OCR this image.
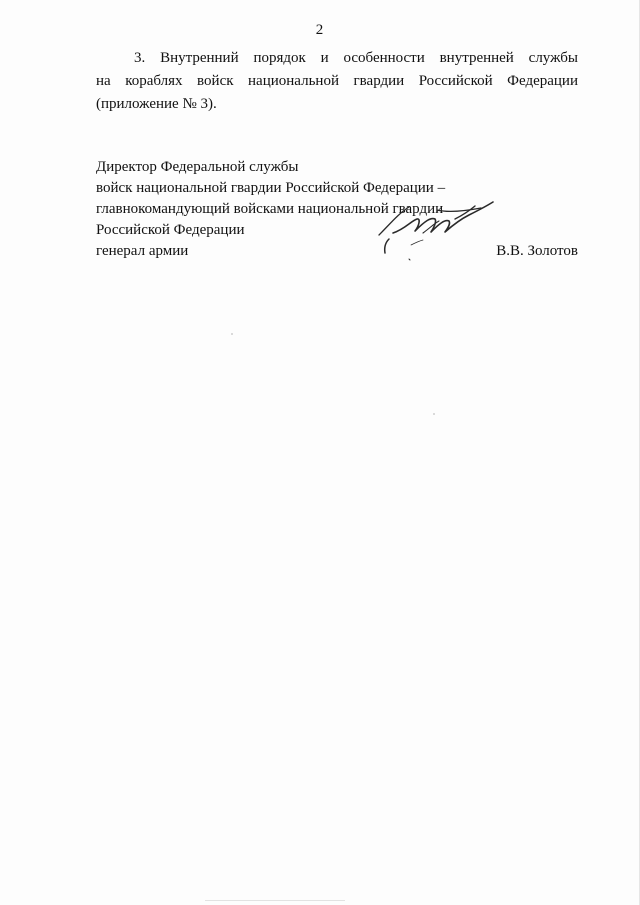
2
3. Внутренний порядок и особенности внутренней службы
на кораблях войск национальной гвардии Российской Федерации
(приложение № 3).
Директор Федеральной службы
войск национальной гвардии Российской Федерации –
главнокомандующий войсками национальной гвардии
Российской Федерации
генерал армии	В.В. Золотов
